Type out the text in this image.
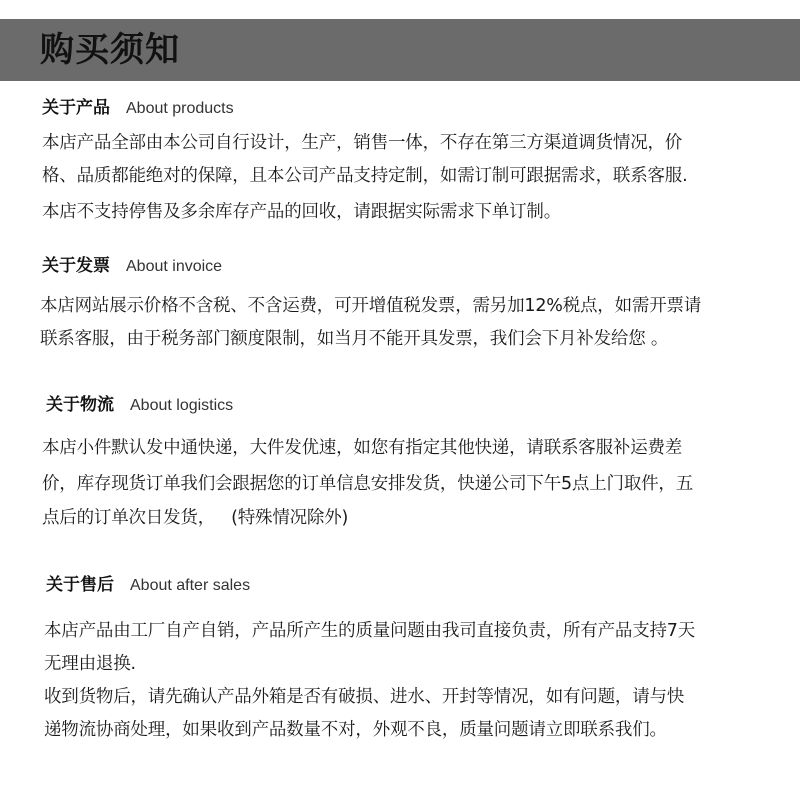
购买须知
关于产品 About products
本店产品全部由本公司自行设计，生产，销售一体，不存在第三方渠道调货情况，价
格、品质都能绝对的保障，且本公司产品支持定制，如需订制可跟据需求，联系客服.
本店不支持停售及多余库存产品的回收，请跟据实际需求下单订制。
关于发票 About invoice
本店网站展示价格不含税、不含运费，可开增值税发票，需另加12%税点，如需开票请
联系客服，由于税务部门额度限制，如当月不能开具发票，我们会下月补发给您 。
关于物流 About logistics
本店小件默认发中通快递，大件发优速，如您有指定其他快递，请联系客服补运费差
价，库存现货订单我们会跟据您的订单信息安排发货，快递公司下午5点上门取件，五
点后的订单次日发货，   (特殊情况除外)
关于售后 About after sales
本店产品由工厂自产自销，产品所产生的质量问题由我司直接负责，所有产品支持7天
无理由退换.
收到货物后，请先确认产品外箱是否有破损、进水、开封等情况，如有问题，请与快
递物流协商处理，如果收到产品数量不对，外观不良，质量问题请立即联系我们。
